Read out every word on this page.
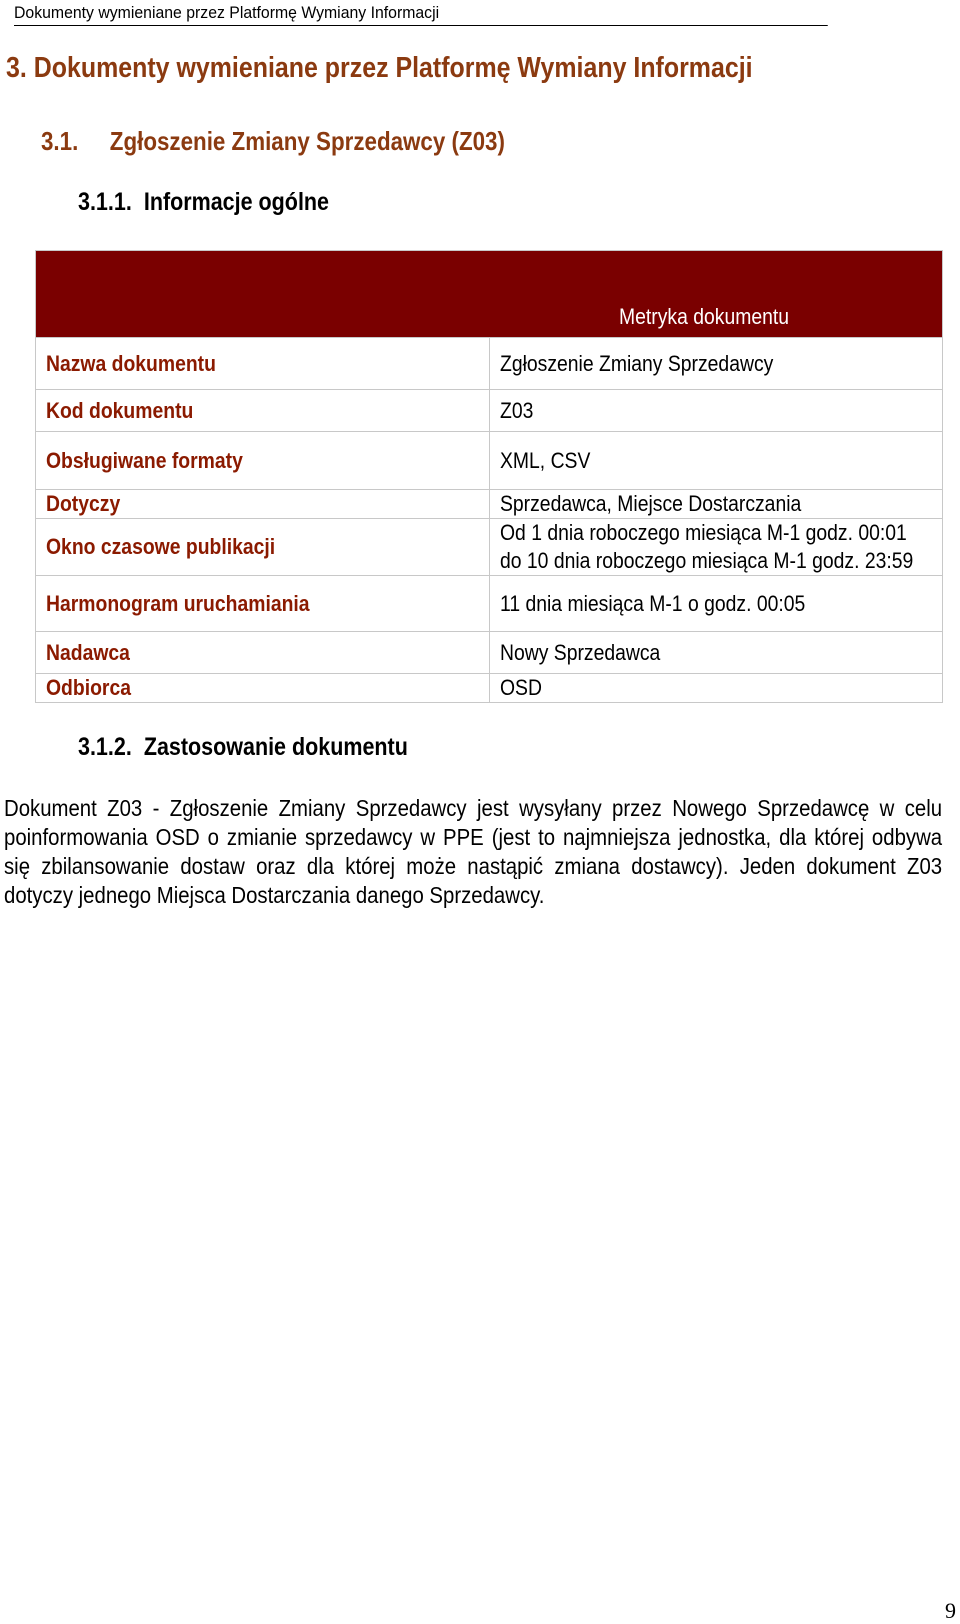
Dokumenty wymieniane przez Platformę Wymiany Informacji
3. Dokumenty wymieniane przez Platformę Wymiany Informacji
3.1. Zgłoszenie Zmiany Sprzedawcy (Z03)
3.1.1. Informacje ogólne
	Metryka dokumentu

Nazwa dokumentu	Zgłoszenie Zmiany Sprzedawcy
Kod dokumentu	Z03

Obsługiwane formaty	XML, CSV
Dotyczy	Sprzedawca, Miejsce Dostarczania

Okno czasowe publikacji	Od 1 dnia roboczego miesiąca M-1 godz. 00:01 do 10 dnia roboczego miesiąca M-1 godz. 23:59

Harmonogram uruchamiania	11 dnia miesiąca M-1 o godz. 00:05
Nadawca	Nowy Sprzedawca
Odbiorca	OSD
3.1.2. Zastosowanie dokumentu
Dokument Z03 - Zgłoszenie Zmiany Sprzedawcy jest wysyłany przez Nowego Sprzedawcę w celu poinformowania OSD o zmianie sprzedawcy w PPE (jest to najmniejsza jednostka, dla której odbywa się zbilansowanie dostaw oraz dla której może nastąpić zmiana dostawcy). Jeden dokument Z03 dotyczy jednego Miejsca Dostarczania danego Sprzedawcy.
9
